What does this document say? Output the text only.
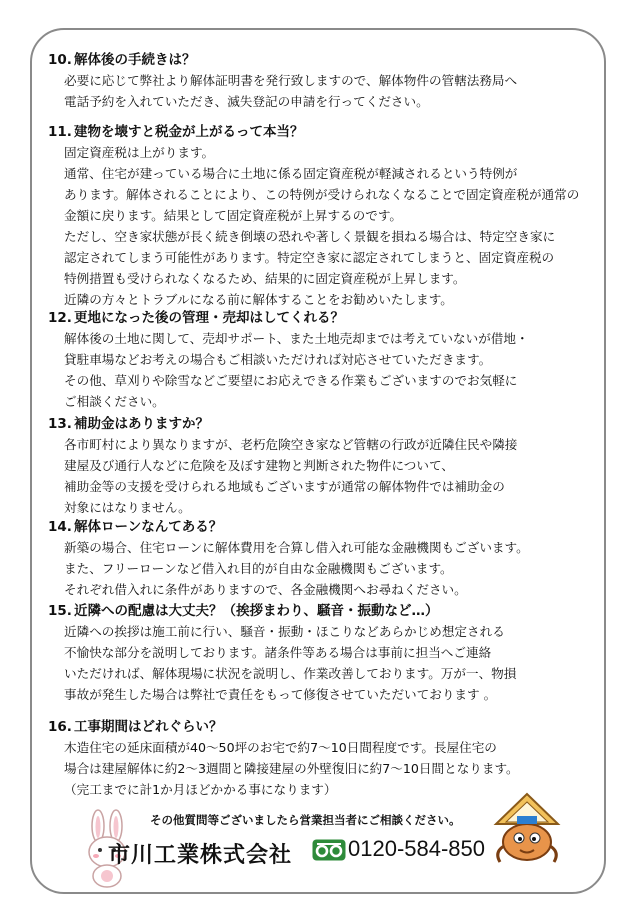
10. 解体後の手続きは？
必要に応じて弊社より解体証明書を発行致しますので、解体物件の管轄法務局へ
電話予約を入れていただき、滅失登記の申請を行ってください。
11. 建物を壊すと税金が上がるって本当？
固定資産税は上がります。
通常、住宅が建っている場合に土地に係る固定資産税が軽減されるという特例が
あります。解体されることにより、この特例が受けられなくなることで固定資産税が通常の
金額に戻ります。結果として固定資産税が上昇するのです。
ただし、空き家状態が長く続き倒壊の恐れや著しく景観を損ねる場合は、特定空き家に
認定されてしまう可能性があります。特定空き家に認定されてしまうと、固定資産税の
特例措置も受けられなくなるため、結果的に固定資産税が上昇します。
近隣の方々とトラブルになる前に解体することをお勧めいたします。
12. 更地になった後の管理・売却はしてくれる？
解体後の土地に関して、売却サポート、また土地売却までは考えていないが借地・
貸駐車場などお考えの場合もご相談いただければ対応させていただきます。
その他、草刈りや除雪などご要望にお応えできる作業もございますのでお気軽に
ご相談ください。
13. 補助金はありますか？
各市町村により異なりますが、老朽危険空き家など管轄の行政が近隣住民や隣接
建屋及び通行人などに危険を及ぼす建物と判断された物件について、
補助金等の支援を受けられる地域もございますが通常の解体物件では補助金の
対象にはなりません。
14. 解体ローンなんてある？
新築の場合、住宅ローンに解体費用を合算し借入れ可能な金融機関もございます。
また、フリーローンなど借入れ目的が自由な金融機関もございます。
それぞれ借入れに条件がありますので、各金融機関へお尋ねください。
15. 近隣への配慮は大丈夫？（挨拶まわり、騒音・振動など…）
近隣への挨拶は施工前に行い、騒音・振動・ほこりなどあらかじめ想定される
不愉快な部分を説明しております。諸条件等ある場合は事前に担当へご連絡
いただければ、解体現場に状況を説明し、作業改善しております。万が一、物損
事故が発生した場合は弊社で責任をもって修復させていただいております 。
16. 工事期間はどれぐらい？
木造住宅の延床面積が40～50坪のお宅で約7～10日間程度です。長屋住宅の
場合は建屋解体に約2～3週間と隣接建屋の外壁復旧に約7～10日間となります。
（完工までに計1か月ほどかかる事になります）
その他質問等ございましたら営業担当者にご相談ください。
市川工業株式会社	0120-584-850
